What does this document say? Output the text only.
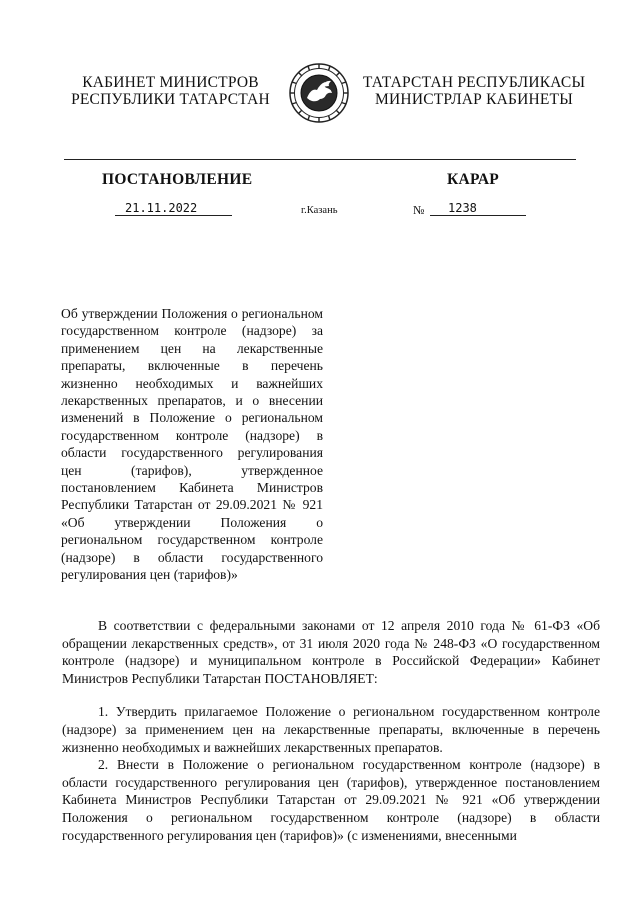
КАБИНЕТ МИНИСТРОВ
РЕСПУБЛИКИ ТАТАРСТАН
ТАТАРСТАН РЕСПУБЛИКАСЫ
МИНИСТРЛАР КАБИНЕТЫ
ПОСТАНОВЛЕНИЕ	КАРАР
21.11.2022	г.Казань	№	1238
Об утверждении Положения о региональном государственном контроле (надзоре) за применением цен на лекарственные препараты, включенные в перечень жизненно необходимых и важнейших лекарственных препаратов, и о внесении изменений в Положение о региональном государственном контроле (надзоре) в области государственного регулирования цен (тарифов), утвержденное постановлением Кабинета Министров Республики Татарстан от 29.09.2021 № 921 «Об утверждении Положения о региональном государственном контроле (надзоре) в области государственного регулирования цен (тарифов)»

В соответствии с федеральными законами от 12 апреля 2010 года № 61-ФЗ «Об обращении лекарственных средств», от 31 июля 2020 года № 248-ФЗ «О государственном контроле (надзоре) и муниципальном контроле в Российской Федерации» Кабинет Министров Республики Татарстан ПОСТАНОВЛЯЕТ:

1. Утвердить прилагаемое Положение о региональном государственном контроле (надзоре) за применением цен на лекарственные препараты, включенные в перечень жизненно необходимых и важнейших лекарственных препаратов.

2. Внести в Положение о региональном государственном контроле (надзоре) в области государственного регулирования цен (тарифов), утвержденное постановлением Кабинета Министров Республики Татарстан от 29.09.2021 № 921 «Об утверждении Положения о региональном государственном контроле (надзоре) в области государственного регулирования цен (тарифов)» (с изменениями, внесенными
